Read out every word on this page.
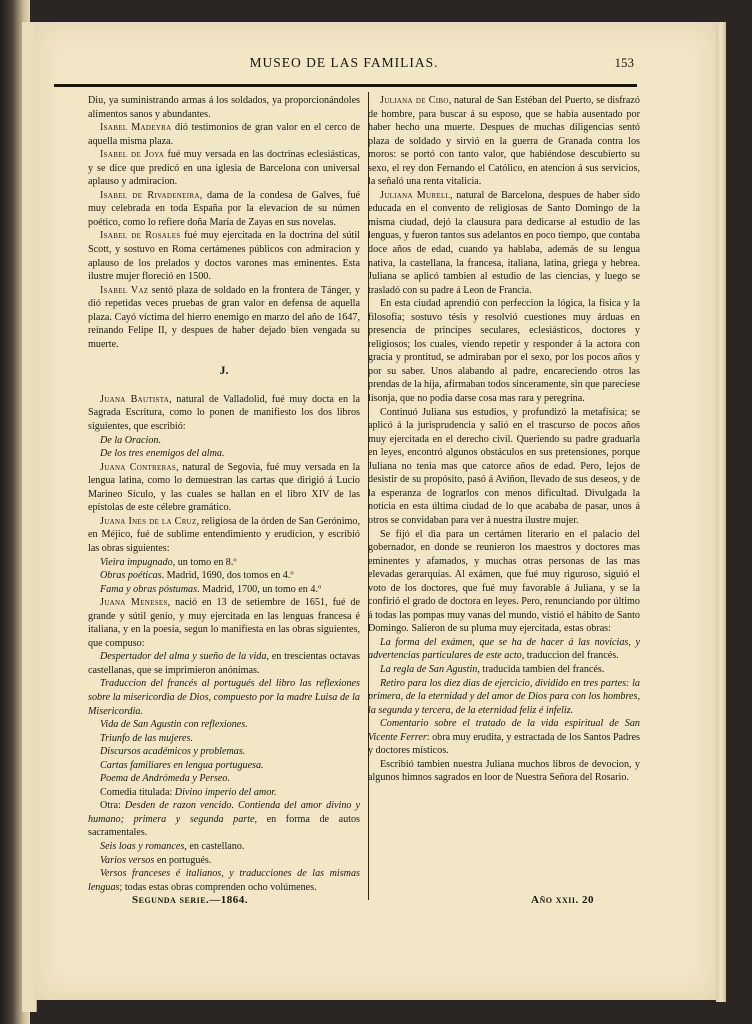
MUSEO DE LAS FAMILIAS.	153

Diu, ya suministrando armas á los soldados, ya proporcionándoles alimentos sanos y abundantes.

Isabel Madeyra dió testimonios de gran valor en el cerco de aquella misma plaza.

Isabel de Joya fué muy versada en las doctrinas eclesiásticas, y se dice que predicó en una iglesia de Barcelona con universal aplauso y admiracion.

Isabel de Rivadeneira, dama de la condesa de Galves, fué muy celebrada en toda España por la elevacion de su númen poético, como lo refiere doña María de Zayas en sus novelas.

Isabel de Rosales fué muy ejercitada en la doctrina del sútil Scott, y sostuvo en Roma certámenes públicos con admiracion y aplauso de los prelados y doctos varones mas eminentes. Esta ilustre mujer floreció en 1500.

Isabel Vaz sentó plaza de soldado en la frontera de Tánger, y dió repetidas veces pruebas de gran valor en defensa de aquella plaza. Cayó víctima del hierro enemigo en marzo del año de 1647, reinando Felipe II, y despues de haber dejado bien vengada su muerte.

J.

Juana Bautista, natural de Valladolid, fué muy docta en la Sagrada Escritura, como lo ponen de manifiesto los dos libros siguientes, que escribió:

De la Oracion.

De los tres enemigos del alma.

Juana Contreras, natural de Segovia, fué muy versada en la lengua latina, como lo demuestran las cartas que dirigió á Lucio Marineo Sículo, y las cuales se hallan en el libro XIV de las epístolas de este célebre gramático.

Juana Ines de la Cruz, religiosa de la órden de San Gerónimo, en Méjico, fué de sublime entendimiento y erudicion, y escribió las obras siguientes:

Vieira impugnado, un tomo en 8.º

Obras poéticas. Madrid, 1690, dos tomos en 4.º

Fama y obras póstumas. Madrid, 1700, un tomo en 4.º

Juana Meneses, nació en 13 de setiembre de 1651, fué de grande y sútil genio, y muy ejercitada en las lenguas francesa é italiana, y en la poesía, segun lo manifiesta en las obras siguientes, que compuso:

Despertador del alma y sueño de la vida, en trescientas octavas castellanas, que se imprimieron anónimas.

Traduccion del francés al portugués del libro las reflexiones sobre la misericordia de Dios, compuesto por la madre Luisa de la Misericordia.

Vida de San Agustin con reflexiones.

Triunfo de las mujeres.

Discursos académicos y problemas.

Cartas familiares en lengua portuguesa.

Poema de Andrómeda y Perseo.

Comedia titulada: Divino imperio del amor.

Otra: Desden de razon vencido. Contienda del amor divino y humano; primera y segunda parte, en forma de autos sacramentales.

Seis loas y romances, en castellano.

Varios versos en portugués.

Versos franceses é italianos, y traducciones de las mismas lenguas; todas estas obras comprenden ocho volúmenes.

Juliana de Cibo, natural de San Estéban del Puerto, se disfrazó de hombre, para buscar á su esposo, que se había ausentado por haber hecho una muerte. Despues de muchas diligencias sentó plaza de soldado y sirvió en la guerra de Granada contra los moros: se portó con tanto valor, que habiéndose descubierto su sexo, el rey don Fernando el Católico, en atencion á sus servicios, la señaló una renta vitalicia.

Juliana Murell, natural de Barcelona, despues de haber sido educada en el convento de religiosas de Santo Domingo de la misma ciudad, dejó la clausura para dedicarse al estudio de las lenguas, y fueron tantos sus adelantos en poco tiempo, que contaba doce años de edad, cuando ya hablaba, además de su lengua nativa, la castellana, la francesa, italiana, latina, griega y hebrea. Juliana se aplicó tambien al estudio de las ciencias, y luego se trasladó con su padre á Leon de Francia.

En esta ciudad aprendió con perfeccion la lógica, la física y la filosofía; sostuvo tésis y resolvió cuestiones muy árduas en presencia de príncipes seculares, eclesiásticos, doctores y religiosos; los cuales, viendo repetir y responder á la actora con gracia y prontitud, se admiraban por el sexo, por los pocos años y por su saber. Unos alabando al padre, encareciendo otros las prendas de la hija, afirmaban todos sinceramente, sin que pareciese lisonja, que no podia darse cosa mas rara y peregrina.

Continuó Juliana sus estudios, y profundizó la metafísica; se aplicó á la jurisprudencia y salió en el trascurso de pocos años muy ejercitada en el derecho civil. Queriendo su padre graduarla en leyes, encontró algunos obstáculos en sus pretensiones, porque Juliana no tenia mas que catorce años de edad. Pero, lejos de desistir de su propósito, pasó á Aviñon, llevado de sus deseos, y de la esperanza de lograrlos con menos dificultad. Divulgada la noticia en esta última ciudad de lo que acababa de pasar, unos á otros se convidaban para ver á nuestra ilustre mujer.

Se fijó el dia para un certámen literario en el palacio del gobernador, en donde se reunieron los maestros y doctores mas eminentes y afamados, y muchas otras personas de las mas elevadas gerarquías. Al exámen, que fué muy riguroso, siguió el voto de los doctores, que fué muy favorable á Juliana, y se la confirió el grado de doctora en leyes. Pero, renunciando por último á todas las pompas muy vanas del mundo, vistió el hábito de Santo Domingo. Salieron de su pluma muy ejercitada, estas obras:

La forma del exámen, que se ha de hacer á las novicias, y advertencias particulares de este acto, traduccion del francés.

La regla de San Agustin, traducida tambien del francés.

Retiro para los diez dias de ejercicio, dividido en tres partes: la primera, de la eternidad y del amor de Dios para con los hombres, la segunda y tercera, de la eternidad feliz é infeliz.

Comentario sobre el tratado de la vida espiritual de San Vicente Ferrer: obra muy erudita, y estractada de los Santos Padres y doctores místicos.

Escribió tambien nuestra Juliana muchos libros de devocion, y algunos himnos sagrados en loor de Nuestra Señora del Rosario.

Segunda serie.—1864.	Año xxii. 20
